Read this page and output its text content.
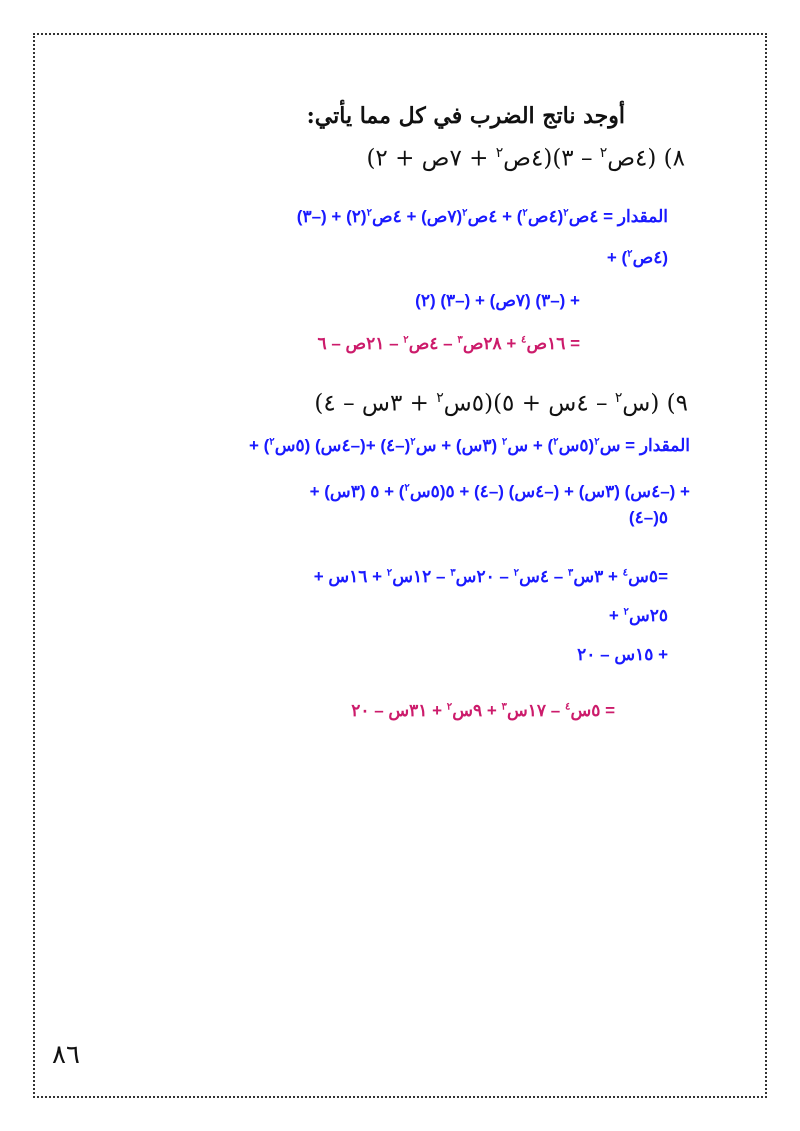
أوجد ناتج الضرب في كل مما يأتي:
٨) (٤ص$^٢$ – ٣)(٤ص$^٢$ + ٧ص + ٢)
المقدار = ٤ص$^٢$(٤ص$^٢$) + ٤ص$^٢$(٧ص) + ٤ص$^٢$(٢) + (–٣)
(٤ص$^٢$) +
+ (–٣) (٧ص) + (–٣) (٢)
= ١٦ص$^٤$ + ٢٨ص$^٣$ – ٤ص$^٢$ – ٢١ص – ٦
٩) (س$^٢$ – ٤س + ٥)(٥س$^٢$ + ٣س – ٤)
المقدار = س$^٢$(٥س$^٢$) + س$^٢$ (٣س) + س$^٢$(–٤) +(–٤س) (٥س$^٢$) +
+ (–٤س) (٣س) + (–٤س) (–٤) + ٥(٥س$^٢$) + ٥ (٣س) +
٥(–٤)
=٥س$^٤$ + ٣س$^٣$ – ٤س$^٢$ – ٢٠س$^٣$ – ١٢س$^٢$ + ١٦س +
٢٥س$^٢$ +
+ ١٥س – ٢٠
= ٥س$^٤$ – ١٧س$^٣$ + ٩س$^٢$ + ٣١س – ٢٠
٨٦
